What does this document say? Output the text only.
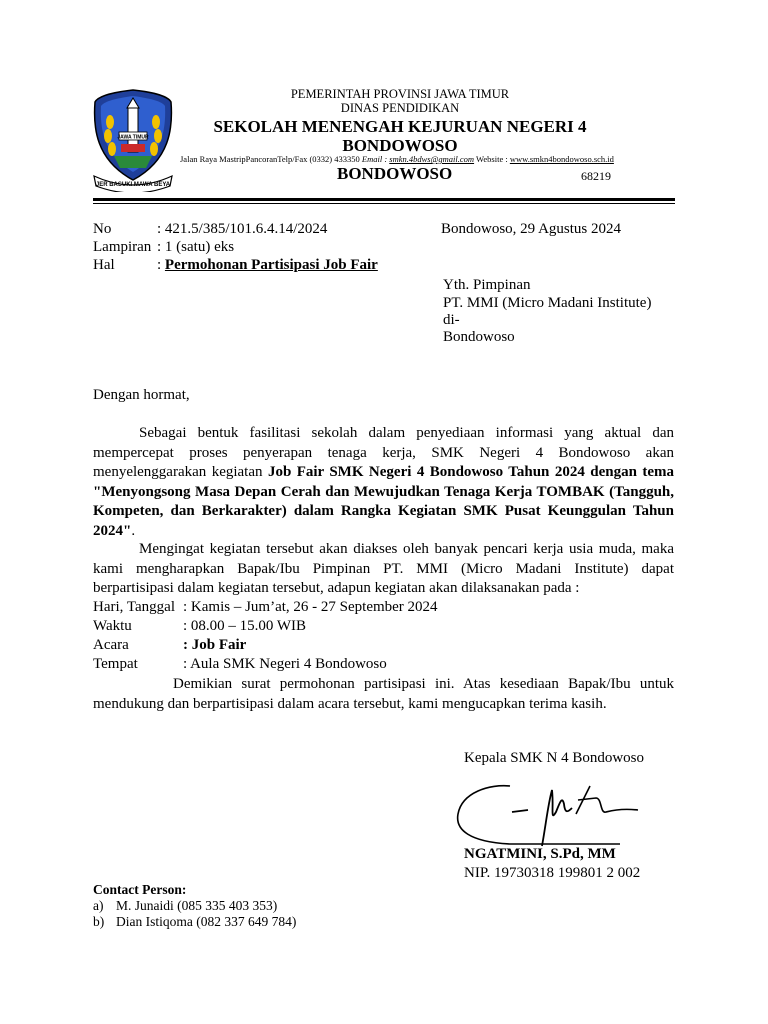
JAWA TIMUR
JER BASUKI MAWA BEYA
PEMERINTAH PROVINSI JAWA TIMUR
DINAS PENDIDIKAN
SEKOLAH MENENGAH KEJURUAN NEGERI 4
BONDOWOSO
Jalan Raya MastripPancoranTelp/Fax (0332) 433350 Email : smkn.4bdws@gmail.com Website : www.smkn4bondowoso.sch.id
BONDOWOSO	68219
No	: 421.5/385/101.6.4.14/2024
Lampiran : 1 (satu) eks
Hal	: Permohonan Partisipasi Job Fair
Bondowoso, 29 Agustus 2024
Yth. Pimpinan
PT. MMI (Micro Madani Institute)
di-
Bondowoso
Dengan hormat,
Sebagai bentuk fasilitasi sekolah dalam penyediaan informasi yang aktual dan mempercepat proses penyerapan tenaga kerja, SMK Negeri 4 Bondowoso akan menyelenggarakan kegiatan Job Fair SMK Negeri 4 Bondowoso Tahun 2024 dengan tema "Menyongsong Masa Depan Cerah dan Mewujudkan Tenaga Kerja TOMBAK (Tangguh, Kompeten, dan Berkarakter) dalam Rangka Kegiatan SMK Pusat Keunggulan Tahun 2024".
Mengingat kegiatan tersebut akan diakses oleh banyak pencari kerja usia muda, maka kami mengharapkan Bapak/Ibu Pimpinan PT. MMI (Micro Madani Institute) dapat berpartisipasi dalam kegiatan tersebut, adapun kegiatan akan dilaksanakan pada :
Hari, Tanggal : Kamis – Jum’at, 26 - 27 September 2024
Waktu	: 08.00 – 15.00 WIB
Acara	: Job Fair
Tempat	: Aula SMK Negeri 4 Bondowoso
Demikian surat permohonan partisipasi ini. Atas kesediaan Bapak/Ibu untuk mendukung dan berpartisipasi dalam acara tersebut, kami mengucapkan terima kasih.
Kepala SMK N 4 Bondowoso
NGATMINI, S.Pd, MM
NIP. 19730318 199801 2 002
Contact Person:
a) M. Junaidi (085 335 403 353)
b) Dian Istiqoma (082 337 649 784)
